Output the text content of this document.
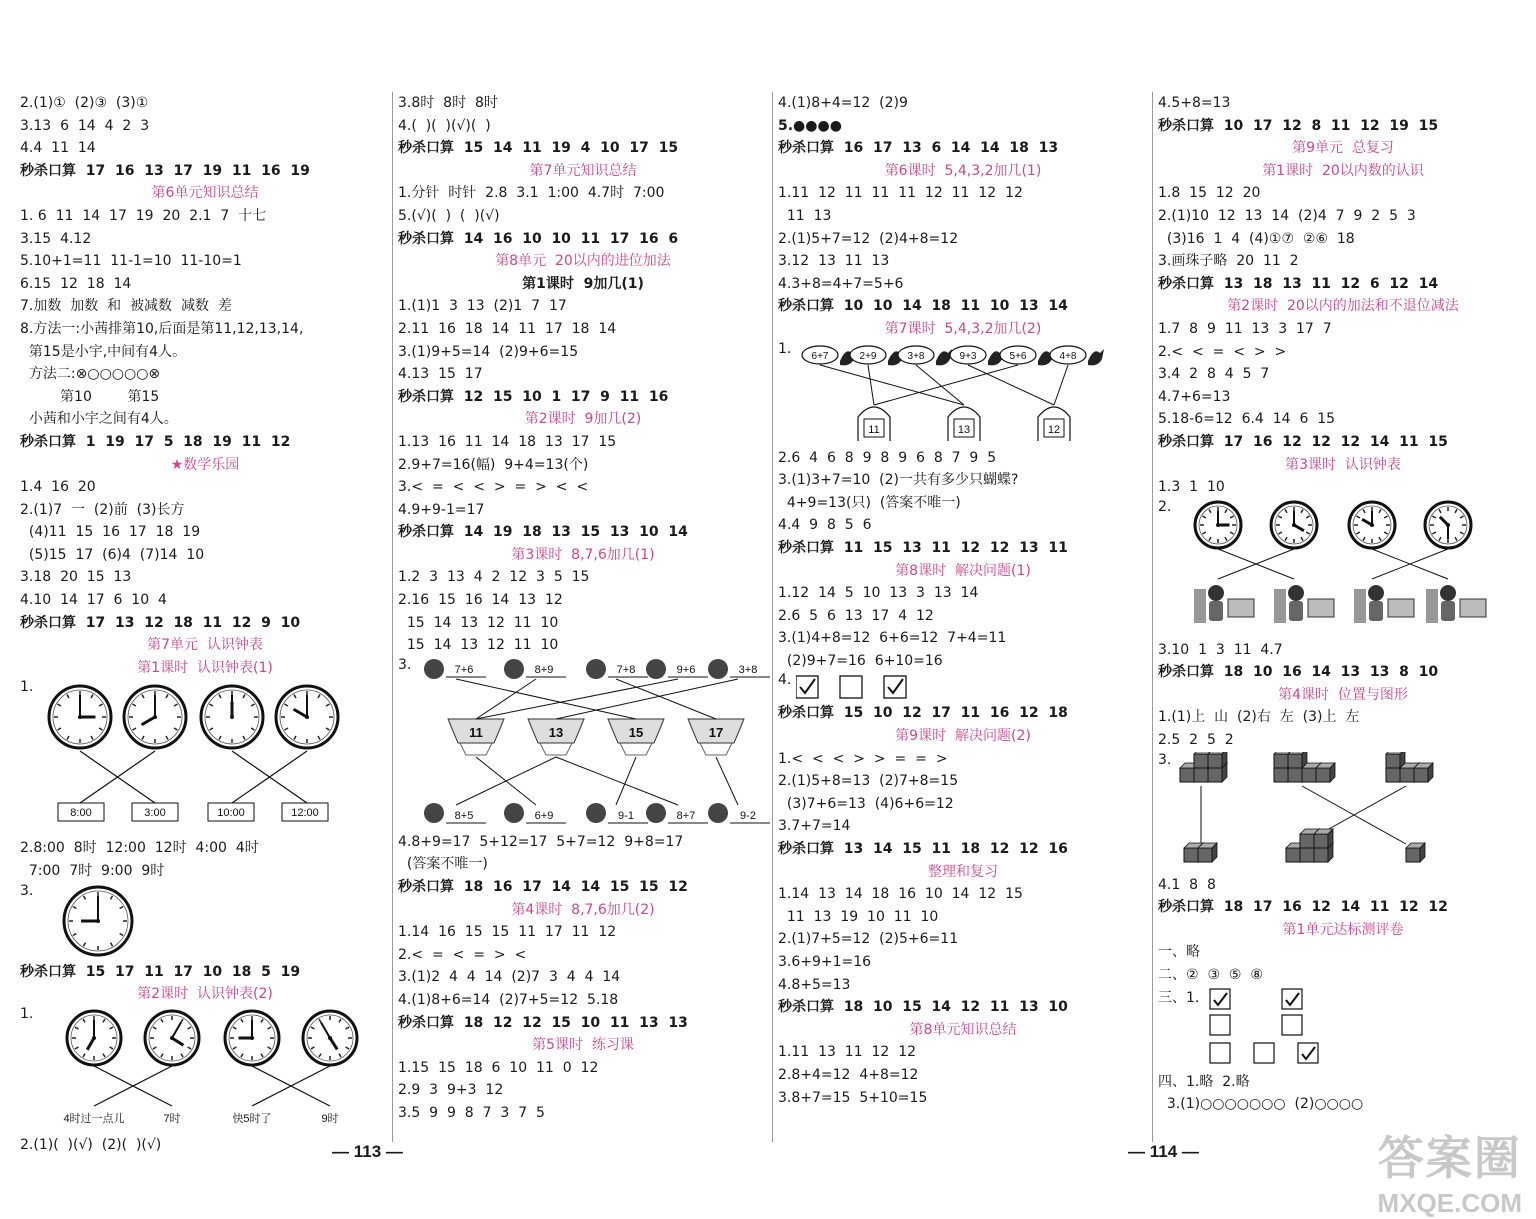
2.(1)①  (2)③  (3)①
3.13  6  14  4  2  3
4.4  11  14
秒杀口算  17  16  13  17  19  11  16  19
第6单元知识总结
1. 6  11  14  17  19  20  2.1  7  十七
3.15  4.12
5.10+1=11  11-1=10  11-10=1
6.15  12  18  14
7.加数  加数  和  被减数  减数  差
8.方法一:小茜排第10,后面是第11,12,13,14,
第15是小宇,中间有4人。
方法二:⊗○○○○○⊗
第10        第15
小茜和小宇之间有4人。
秒杀口算  1  19  17  5  18  19  11  12
★数学乐园
1.4  16  20
2.(1)7  一  (2)前  (3)长方
(4)11  15  16  17  18  19
(5)15  17  (6)4  (7)14  10
3.18  20  15  13
4.10  14  17  6  10  4
秒杀口算  17  13  12  18  11  12  9  10
第7单元  认识钟表
第1课时  认识钟表(1)
1.
8:00	3:00	10:00	12:00
2.8:00  8时  12:00  12时  4:00  4时
7:00  7时  9:00  9时
3.
秒杀口算  15  17  11  17  10  18  5  19
第2课时  认识钟表(2)
1.
4时过一点儿	7时	快5时了	9时
2.(1)(  )(√)  (2)(  )(√)
3.8时  8时  8时
4.(  )(  )(√)(  )
秒杀口算  15  14  11  19  4  10  17  15
第7单元知识总结
1.分针  时针  2.8  3.1  1:00  4.7时  7:00
5.(√)(  )  (  )(√)
秒杀口算  14  16  10  10  11  17  16  6
第8单元  20以内的进位加法
第1课时  9加几(1)
1.(1)1  3  13  (2)1  7  17
2.11  16  18  14  11  17  18  14
3.(1)9+5=14  (2)9+6=15
4.13  15  17
秒杀口算  12  15  10  1  17  9  11  16
第2课时  9加几(2)
1.13  16  11  14  18  13  17  15
2.9+7=16(幅)  9+4=13(个)
3.<  =  <  <  >  =  >  <  <
4.9+9-1=17
秒杀口算  14  19  18  13  15  13  10  14
第3课时  8,7,6加几(1)
1.2  3  13  4  2  12  3  5  15
2.16  15  16  14  13  12
15  14  13  12  11  10
15  14  13  12  11  10
3.	7+6	8+9	7+8	9+6	3+8
11	13	15	17
8+5	6+9	9-1	8+7	9-2
4.8+9=17  5+12=17  5+7=12  9+8=17
(答案不唯一)
秒杀口算  18  16  17  14  14  15  15  12
第4课时  8,7,6加几(2)
1.14  16  15  15  11  17  11  12
2.<  =  <  =  >  <
3.(1)2  4  4  14  (2)7  3  4  4  14
4.(1)8+6=14  (2)7+5=12  5.18
秒杀口算  18  12  12  15  10  11  13  13
第5课时  练习课
1.15  15  18  6  10  11  0  12
2.9  3  9+3  12
3.5  9  9  8  7  3  7  5
4.(1)8+4=12  (2)9
5.●●●●
秒杀口算  16  17  13  6  14  14  18  13
第6课时  5,4,3,2加几(1)
1.11  12  11  11  11  12  11  12  12
11  13
2.(1)5+7=12  (2)4+8=12
3.12  13  11  13
4.3+8=4+7=5+6
秒杀口算  10  10  14  18  11  10  13  14
第7课时  5,4,3,2加几(2)
1. 6+7	2+9	3+8	9+3	5+6	4+8
11	13	12
2.6  4  6  8  9  8  9  6  8  7  9  5
3.(1)3+7=10  (2)一共有多少只蝴蝶?
4+9=13(只)  (答案不唯一)
4.4  9  8  5  6
秒杀口算  11  15  13  11  12  12  13  11
第8课时  解决问题(1)
1.12  14  5  10  13  3  13  14
2.6  5  6  13  17  4  12
3.(1)4+8=12  6+6=12  7+4=11
(2)9+7=16  6+10=16
4.
秒杀口算  15  10  12  17  11  16  12  18
第9课时  解决问题(2)
1.<  <  <  >  >  =  =  >
2.(1)5+8=13  (2)7+8=15
(3)7+6=13  (4)6+6=12
3.7+7=14
秒杀口算  13  14  15  11  18  12  12  16
整理和复习
1.14  13  14  18  16  10  14  12  15
11  13  19  10  11  10
2.(1)7+5=12  (2)5+6=11
3.6+9+1=16
4.8+5=13
秒杀口算  18  10  15  14  12  11  13  10
第8单元知识总结
1.11  13  11  12  12
2.8+4=12  4+8=12
3.8+7=15  5+10=15
4.5+8=13
秒杀口算  10  17  12  8  11  12  19  15
第9单元  总复习
第1课时  20以内数的认识
1.8  15  12  20
2.(1)10  12  13  14  (2)4  7  9  2  5  3
(3)16  1  4  (4)①⑦  ②⑥  18
3.画珠子略  20  11  2
秒杀口算  13  18  13  11  12  6  12  14
第2课时  20以内的加法和不退位减法
1.7  8  9  11  13  3  17  7
2.<  <  =  <  >  >
3.4  2  8  4  5  7
4.7+6=13
5.18-6=12  6.4  14  6  15
秒杀口算  17  16  12  12  12  14  11  15
第3课时  认识钟表
1.3  1  10
2.
3.10  1  3  11  4.7
秒杀口算  18  10  16  14  13  13  8  10
第4课时  位置与图形
1.(1)上  山  (2)右  左  (3)上  左
2.5  2  5  2
3.
4.1  8  8
秒杀口算  18  17  16  12  14  11  12  12
第1单元达标测评卷
一、略
二、②  ③  ⑤  ⑧
三、1.
四、1.略  2.略
3.(1)○○○○○○○  (2)○○○○
— 113 —	— 114 —	答案圈
MXQE.COM
